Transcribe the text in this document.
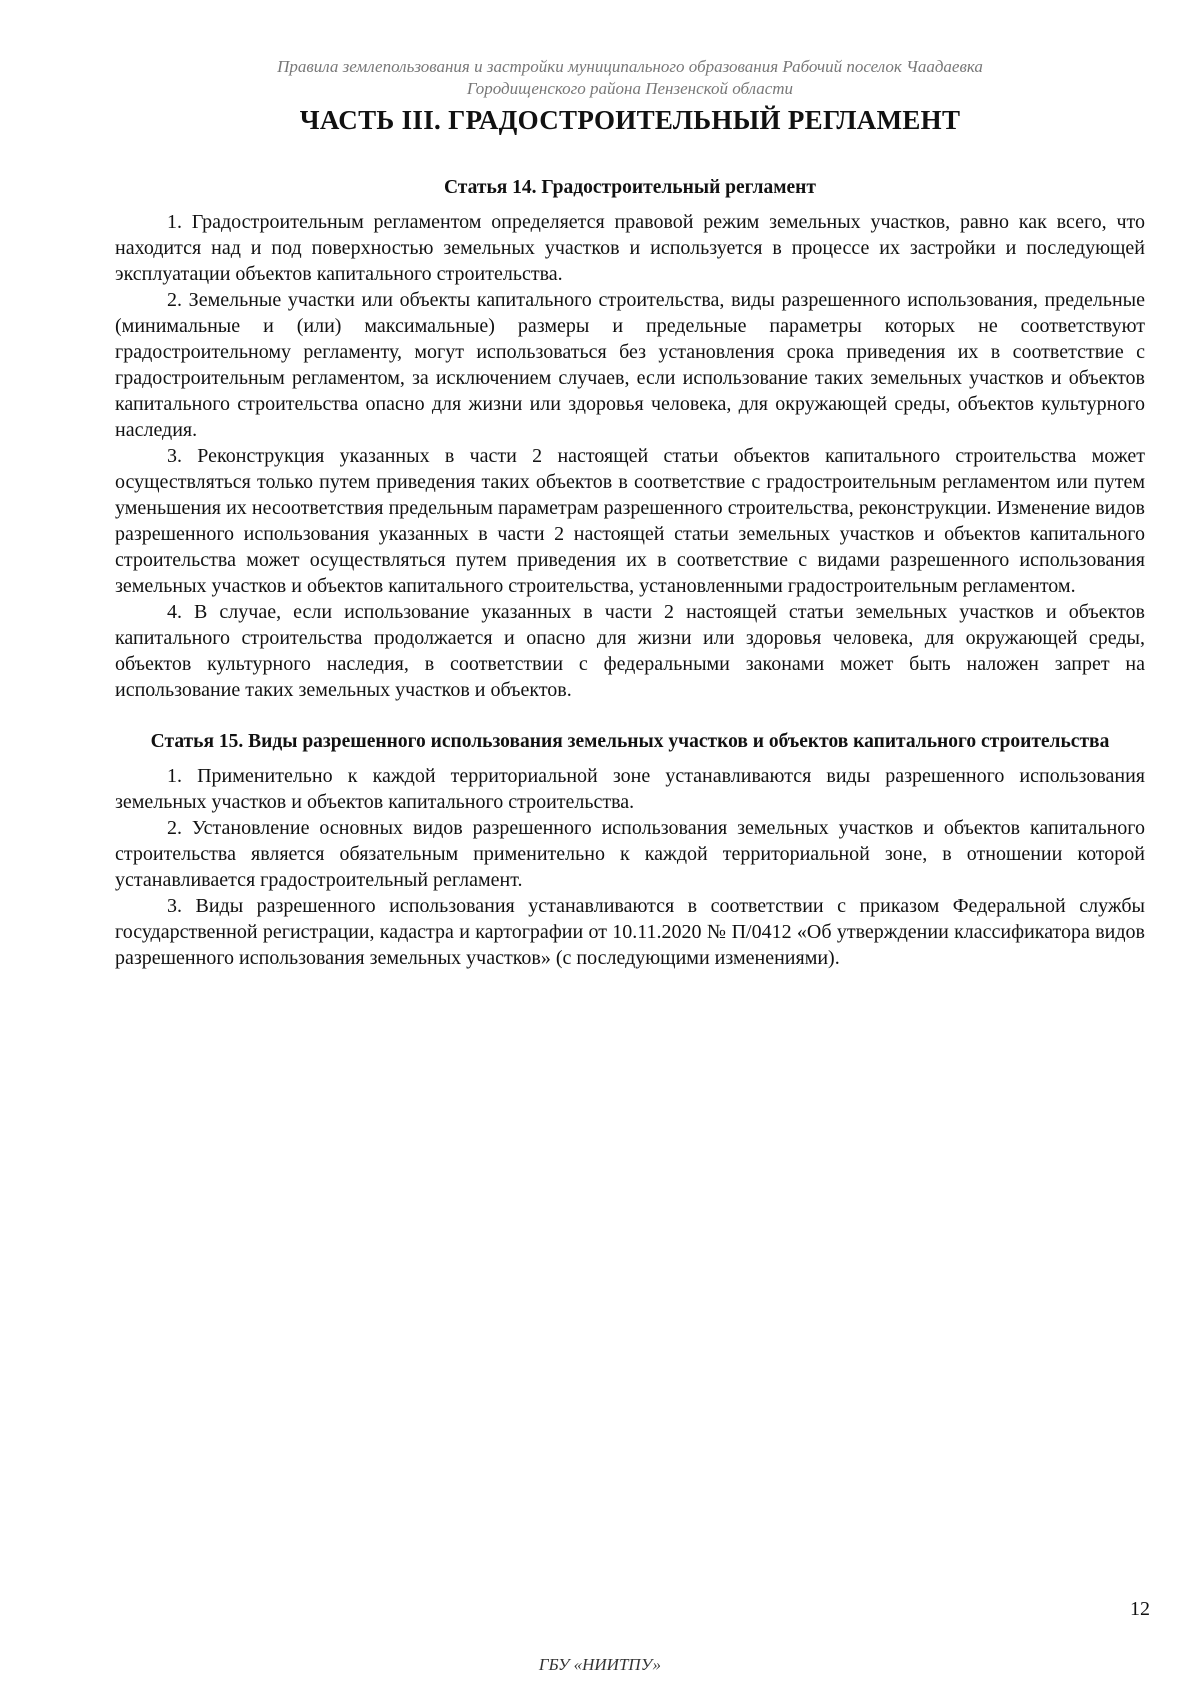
Правила землепользования и застройки муниципального образования Рабочий поселок Чаадаевка
Городищенского района Пензенской области
ЧАСТЬ III. ГРАДОСТРОИТЕЛЬНЫЙ РЕГЛАМЕНТ
Статья 14. Градостроительный регламент

1. Градостроительным регламентом определяется правовой режим земельных участков, равно как всего, что находится над и под поверхностью земельных участков и используется в процессе их застройки и последующей эксплуатации объектов капитального строительства.

2. Земельные участки или объекты капитального строительства, виды разрешенного использования, предельные (минимальные и (или) максимальные) размеры и предельные параметры которых не соответствуют градостроительному регламенту, могут использоваться без установления срока приведения их в соответствие с градостроительным регламентом, за исключением случаев, если использование таких земельных участков и объектов капитального строительства опасно для жизни или здоровья человека, для окружающей среды, объектов культурного наследия.

3. Реконструкция указанных в части 2 настоящей статьи объектов капитального строительства может осуществляться только путем приведения таких объектов в соответствие с градостроительным регламентом или путем уменьшения их несоответствия предельным параметрам разрешенного строительства, реконструкции. Изменение видов разрешенного использования указанных в части 2 настоящей статьи земельных участков и объектов капитального строительства может осуществляться путем приведения их в соответствие с видами разрешенного использования земельных участков и объектов капитального строительства, установленными градостроительным регламентом.

4. В случае, если использование указанных в части 2 настоящей статьи земельных участков и объектов капитального строительства продолжается и опасно для жизни или здоровья человека, для окружающей среды, объектов культурного наследия, в соответствии с федеральными законами может быть наложен запрет на использование таких земельных участков и объектов.

Статья 15. Виды разрешенного использования земельных участков и объектов капитального строительства

1. Применительно к каждой территориальной зоне устанавливаются виды разрешенного использования земельных участков и объектов капитального строительства.

2. Установление основных видов разрешенного использования земельных участков и объектов капитального строительства является обязательным применительно к каждой территориальной зоне, в отношении которой устанавливается градостроительный регламент.

3. Виды разрешенного использования устанавливаются в соответствии с приказом Федеральной службы государственной регистрации, кадастра и картографии от 10.11.2020 № П/0412 «Об утверждении классификатора видов разрешенного использования земельных участков» (с последующими изменениями).

12
ГБУ «НИИТПУ»
